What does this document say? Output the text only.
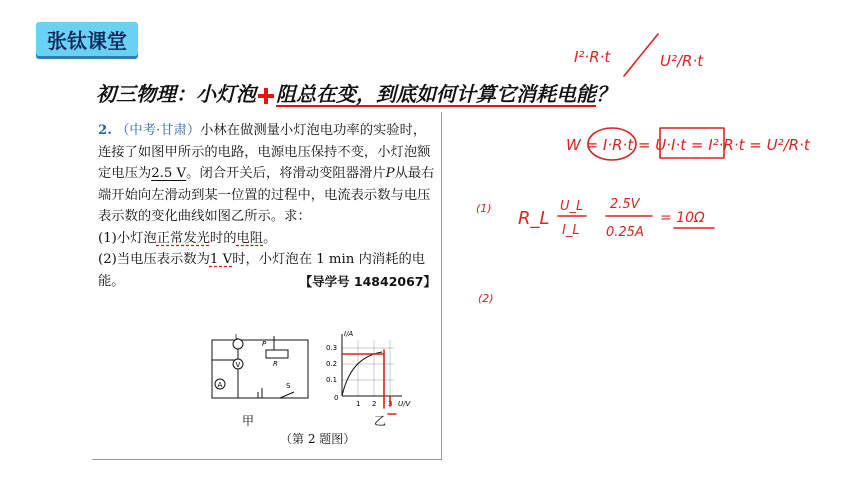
张钛课堂
初三物理：小灯泡 阻总在变，到底如何计算它消耗电能？
2. （中考·甘肃）小林在做测量小灯泡电功率的实验时，连接了如图甲所示的电路，电源电压保持不变，小灯泡额定电压为2.5 V。闭合开关后，将滑动变阻器滑片P从最右端开始向左滑动到某一位置的过程中，电流表示数与电压表示数的变化曲线如图乙所示。求：
(1)小灯泡正常发光时的电阻。
(2)当电压表示数为1 V时，小灯泡在 1 min 内消耗的电能。	【导学号 14842067】
L
V
A
P
R
S
甲
I/A
U/V
0.3
0.2
0.1
0
1 2 3
乙
（第 2 题图）
I²·R·t	U²/R·t
W = I·R·t = U·I·t = I²·R·t = U²/R·t
(1) R_L
U_L
I_L
2.5V
0.25A
= 10Ω
(2)
